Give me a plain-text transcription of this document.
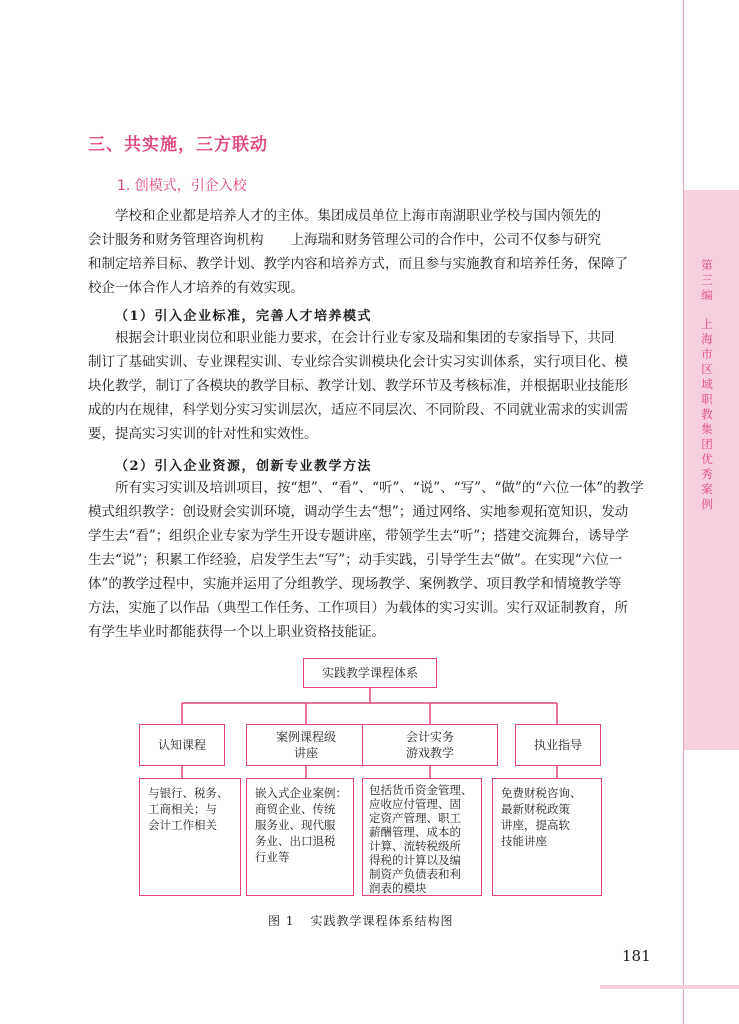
第三编
上海市区域职教集团优秀案例
三、共实施，三方联动
1. 创模式，引企入校
学校和企业都是培养人才的主体。集团成员单位上海市南湖职业学校与国内领先的
会计服务和财务管理咨询机构　　上海瑞和财务管理公司的合作中，公司不仅参与研究
和制定培养目标、教学计划、教学内容和培养方式，而且参与实施教育和培养任务，保障了
校企一体合作人才培养的有效实现。
（1）引入企业标准，完善人才培养模式
根据会计职业岗位和职业能力要求，在会计行业专家及瑞和集团的专家指导下，共同
制订了基础实训、专业课程实训、专业综合实训模块化会计实习实训体系，实行项目化、模
块化教学，制订了各模块的教学目标、教学计划、教学环节及考核标准，并根据职业技能形
成的内在规律，科学划分实习实训层次，适应不同层次、不同阶段、不同就业需求的实训需
要，提高实习实训的针对性和实效性。
（2）引入企业资源，创新专业教学方法
所有实习实训及培训项目，按“想”、“看”、“听”、“说”、“写”、“做”的“六位一体”的教学
模式组织教学：创设财会实训环境，调动学生去“想”；通过网络、实地参观拓宽知识，发动
学生去“看”；组织企业专家为学生开设专题讲座，带领学生去“听”；搭建交流舞台，诱导学
生去“说”；积累工作经验，启发学生去“写”；动手实践，引导学生去“做”。在实现“六位一
体”的教学过程中，实施并运用了分组教学、现场教学、案例教学、项目教学和情境教学等
方法，实施了以作品（典型工作任务、工作项目）为载体的实习实训。实行双证制教育，所
有学生毕业时都能获得一个以上职业资格技能证。
实践教学课程体系
认知课程
案例课程级
讲座
会计实务
游戏教学
执业指导
与银行、税务、
工商相关；与
会计工作相关
嵌入式企业案例：
商贸企业、传统
服务业、现代服
务业、出口退税
行业等
包括货币资金管理、
应收应付管理、固
定资产管理、职工
薪酬管理、成本的
计算、流转税级所
得税的计算以及编
制资产负债表和利
润表的模块
免费财税咨询、
最新财税政策
讲座，提高软
技能讲座
图 1 实践教学课程体系结构图
181
